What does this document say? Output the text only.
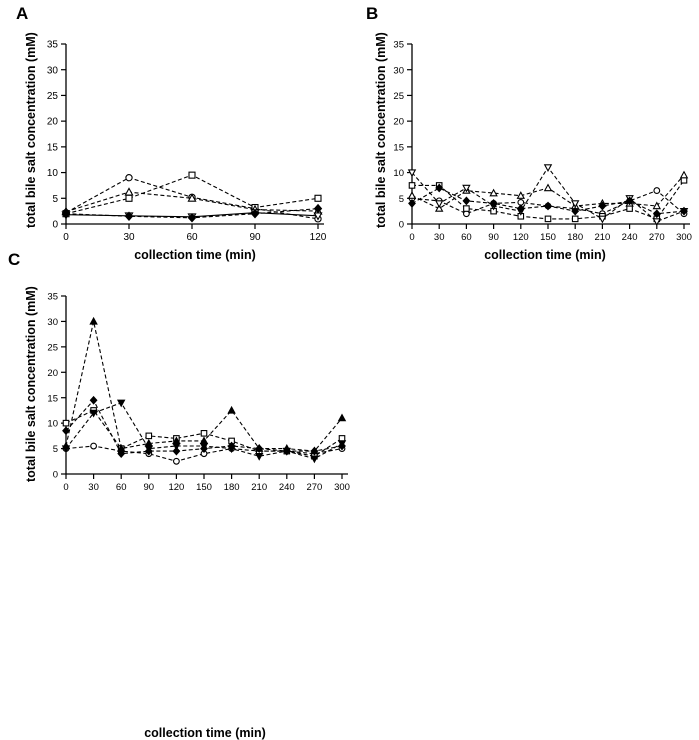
A
total bile salt concentration (mM)
collection time (min)
0
5
10
15
20
25
30
35
0	30	60	90	120
B
total bile salt concentration (mM)
collection time (min)
0
5
10
15
20
25
30
35
0 30 60 90 120 150 180 210 240 270 300
C
total bile salt concentration (mM)
collection time (min)
0
5
10
15
20
25
30
35
0 30 60 90 120 150 180 210 240 270 300
